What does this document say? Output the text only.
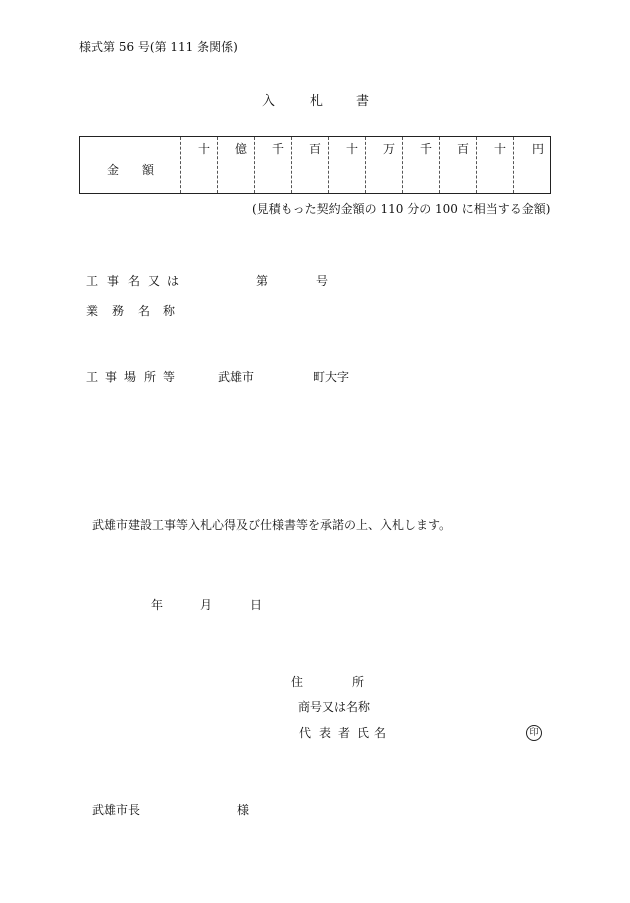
様式第 56 号(第 111 条関係)
入	札	書
金 額
十 億 千 百 十 万 千 百 十 円
(見積もった契約金額の 110 分の 100 に相当する金額)
工 事 名 又 は	第	号
業 務 名 称
工 事 場 所 等	武雄市	町大字
武雄市建設工事等入札心得及び仕様書等を承諾の上、入札します。
年	月	日
住	所
商号又は名称
代 表 者 氏 名	印
武雄市長	様
